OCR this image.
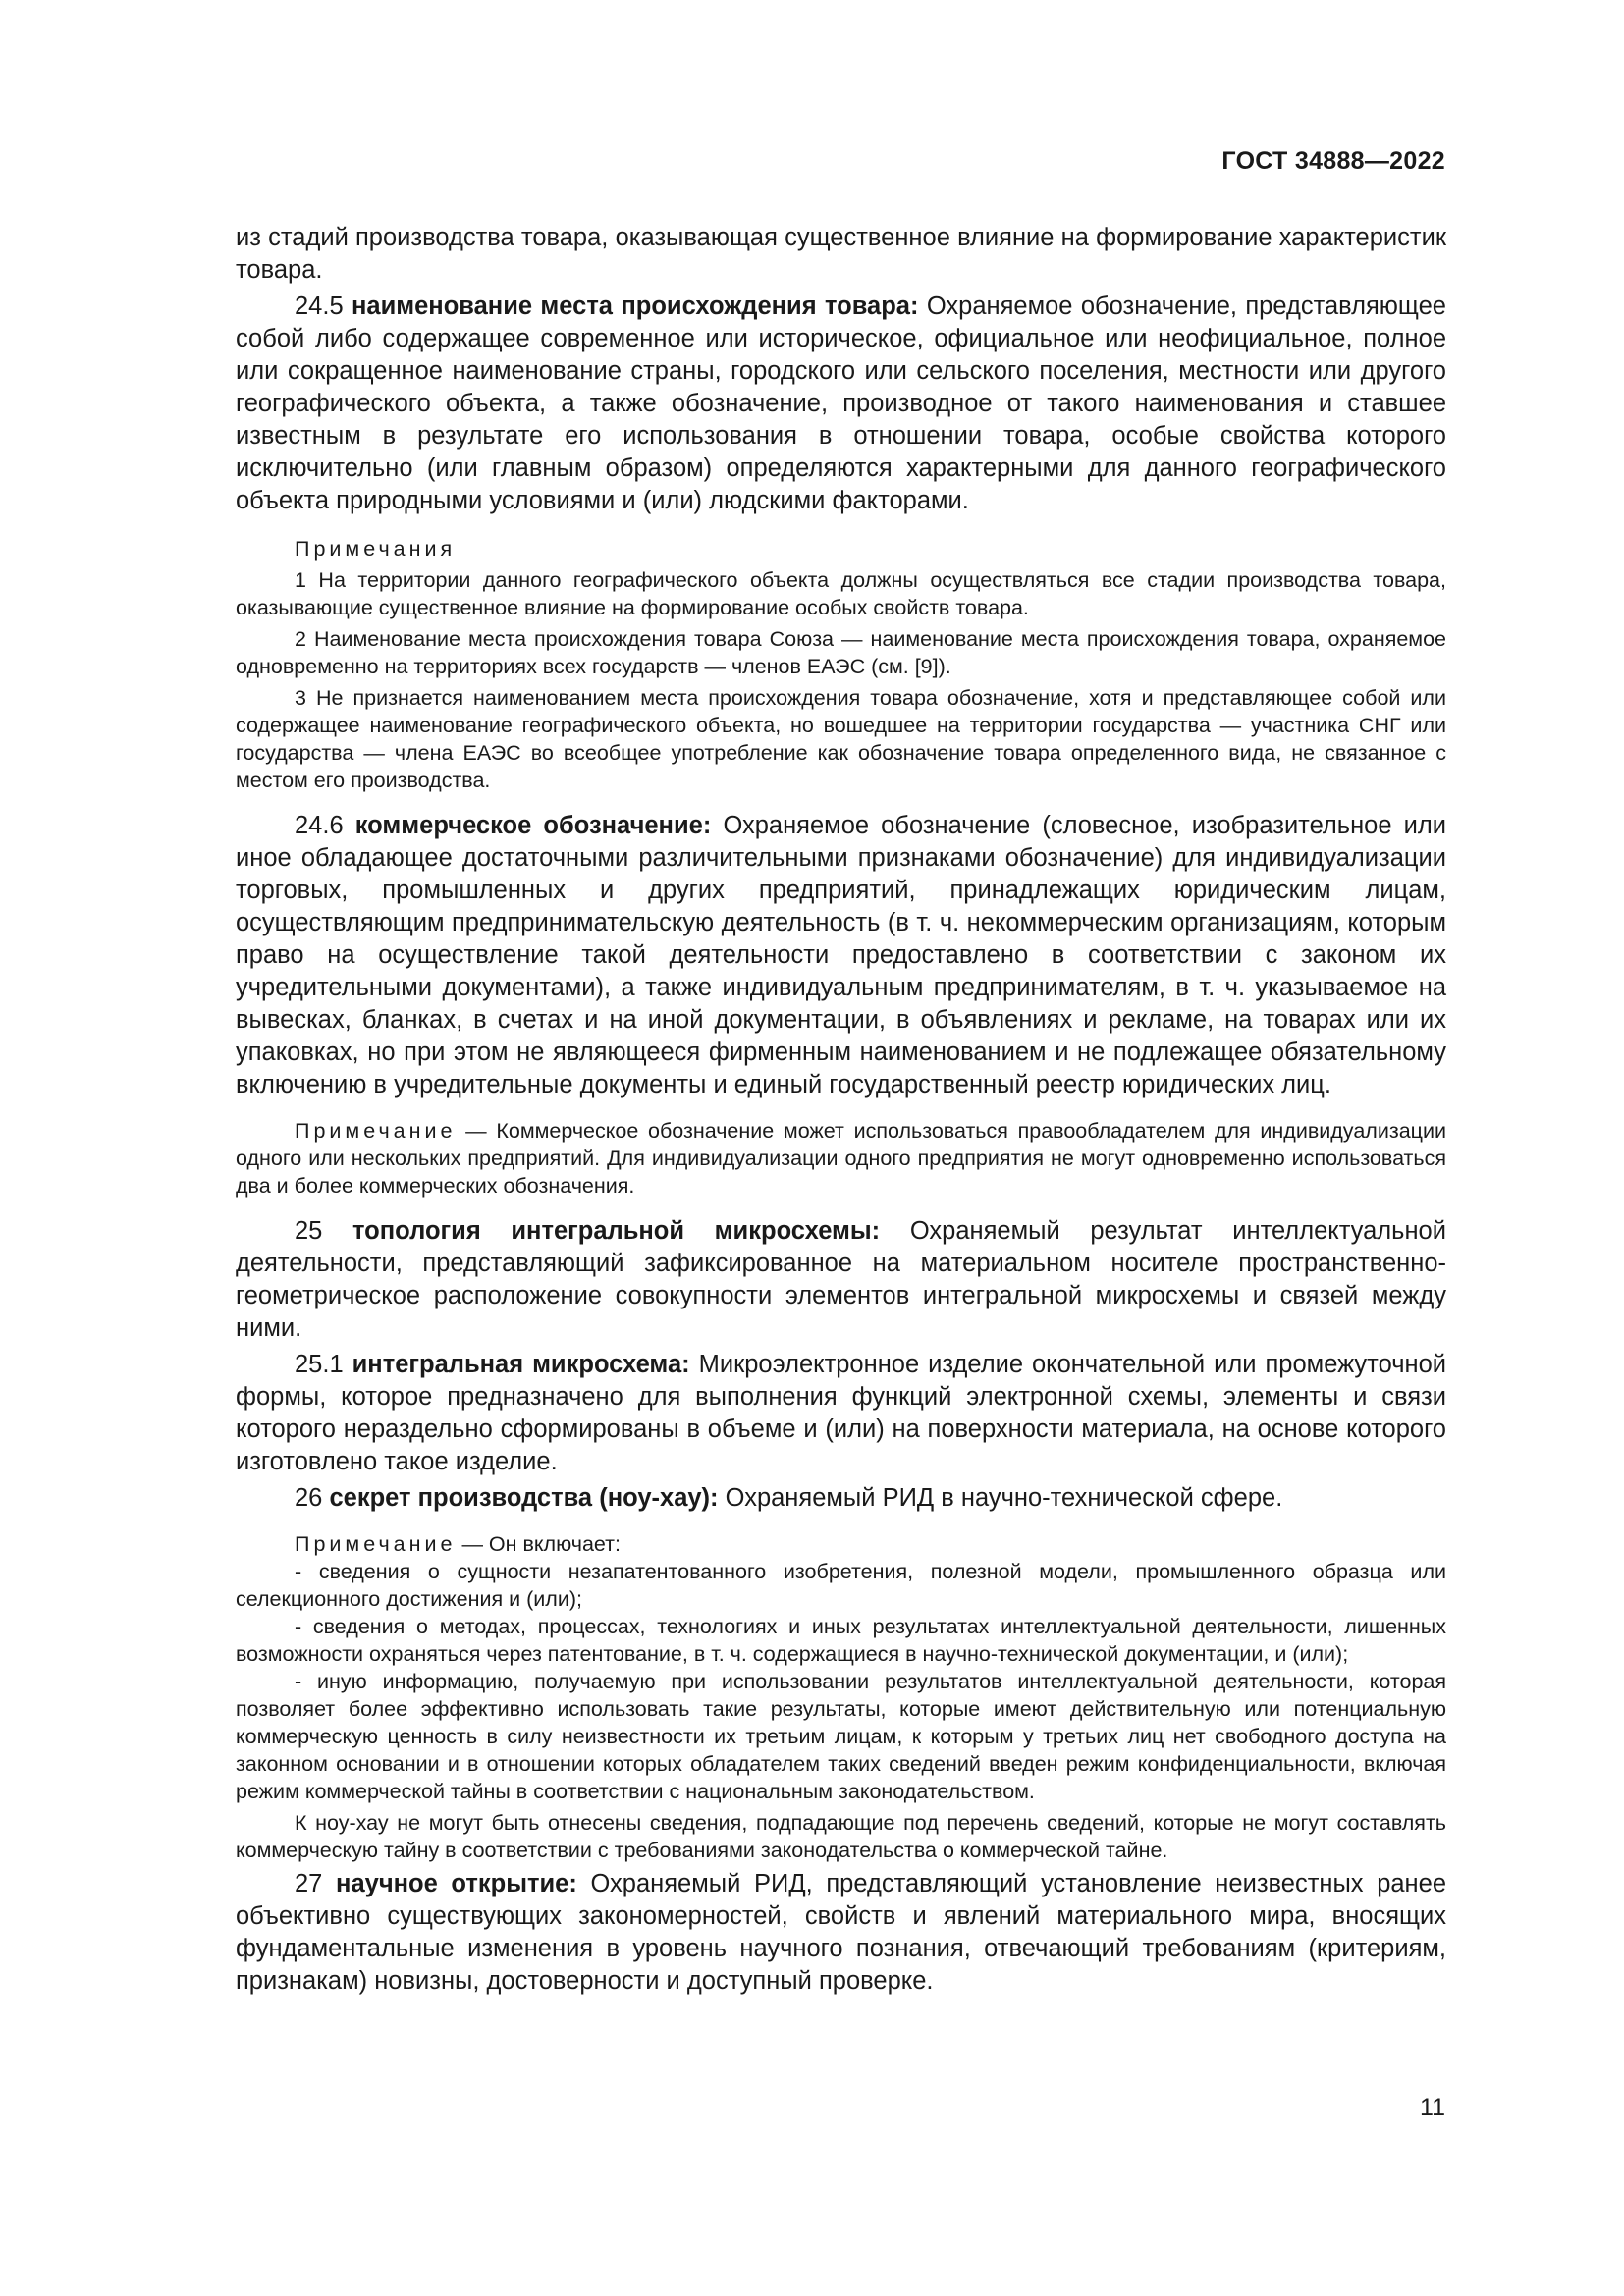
ГОСТ 34888—2022

из стадий производства товара, оказывающая существенное влияние на формирование характеристик товара.

24.5 наименование места происхождения товара: Охраняемое обозначение, представляющее собой либо содержащее современное или историческое, официальное или неофициальное, полное или сокращенное наименование страны, городского или сельского поселения, местности или другого географического объекта, а также обозначение, производное от такого наименования и ставшее известным в результате его использования в отношении товара, особые свойства которого исключительно (или главным образом) определяются характерными для данного географического объекта природными условиями и (или) людскими факторами.

Примечания

1 На территории данного географического объекта должны осуществляться все стадии производства товара, оказывающие существенное влияние на формирование особых свойств товара.

2 Наименование места происхождения товара Союза — наименование места происхождения товара, охраняемое одновременно на территориях всех государств — членов ЕАЭС (см. [9]).

3 Не признается наименованием места происхождения товара обозначение, хотя и представляющее собой или содержащее наименование географического объекта, но вошедшее на территории государства — участника СНГ или государства — члена ЕАЭС во всеобщее употребление как обозначение товара определенного вида, не связанное с местом его производства.

24.6 коммерческое обозначение: Охраняемое обозначение (словесное, изобразительное или иное обладающее достаточными различительными признаками обозначение) для индивидуализации торговых, промышленных и других предприятий, принадлежащих юридическим лицам, осуществляющим предпринимательскую деятельность (в т. ч. некоммерческим организациям, которым право на осуществление такой деятельности предоставлено в соответствии с законом их учредительными документами), а также индивидуальным предпринимателям, в т. ч. указываемое на вывесках, бланках, в счетах и на иной документации, в объявлениях и рекламе, на товарах или их упаковках, но при этом не являющееся фирменным наименованием и не подлежащее обязательному включению в учредительные документы и единый государственный реестр юридических лиц.

Примечание — Коммерческое обозначение может использоваться правообладателем для индивидуализации одного или нескольких предприятий. Для индивидуализации одного предприятия не могут одновременно использоваться два и более коммерческих обозначения.

25 топология интегральной микросхемы: Охраняемый результат интеллектуальной деятельности, представляющий зафиксированное на материальном носителе пространственно-геометрическое расположение совокупности элементов интегральной микросхемы и связей между ними.

25.1 интегральная микросхема: Микроэлектронное изделие окончательной или промежуточной формы, которое предназначено для выполнения функций электронной схемы, элементы и связи которого нераздельно сформированы в объеме и (или) на поверхности материала, на основе которого изготовлено такое изделие.

26 секрет производства (ноу-хау): Охраняемый РИД в научно-технической сфере.

Примечание — Он включает:

- сведения о сущности незапатентованного изобретения, полезной модели, промышленного образца или селекционного достижения и (или);

- сведения о методах, процессах, технологиях и иных результатах интеллектуальной деятельности, лишенных возможности охраняться через патентование, в т. ч. содержащиеся в научно-технической документации, и (или);

- иную информацию, получаемую при использовании результатов интеллектуальной деятельности, которая позволяет более эффективно использовать такие результаты, которые имеют действительную или потенциальную коммерческую ценность в силу неизвестности их третьим лицам, к которым у третьих лиц нет свободного доступа на законном основании и в отношении которых обладателем таких сведений введен режим конфиденциальности, включая режим коммерческой тайны в соответствии с национальным законодательством.

К ноу-хау не могут быть отнесены сведения, подпадающие под перечень сведений, которые не могут составлять коммерческую тайну в соответствии с требованиями законодательства о коммерческой тайне.

27 научное открытие: Охраняемый РИД, представляющий установление неизвестных ранее объективно существующих закономерностей, свойств и явлений материального мира, вносящих фундаментальные изменения в уровень научного познания, отвечающий требованиям (критериям, признакам) новизны, достоверности и доступный проверке.

11
